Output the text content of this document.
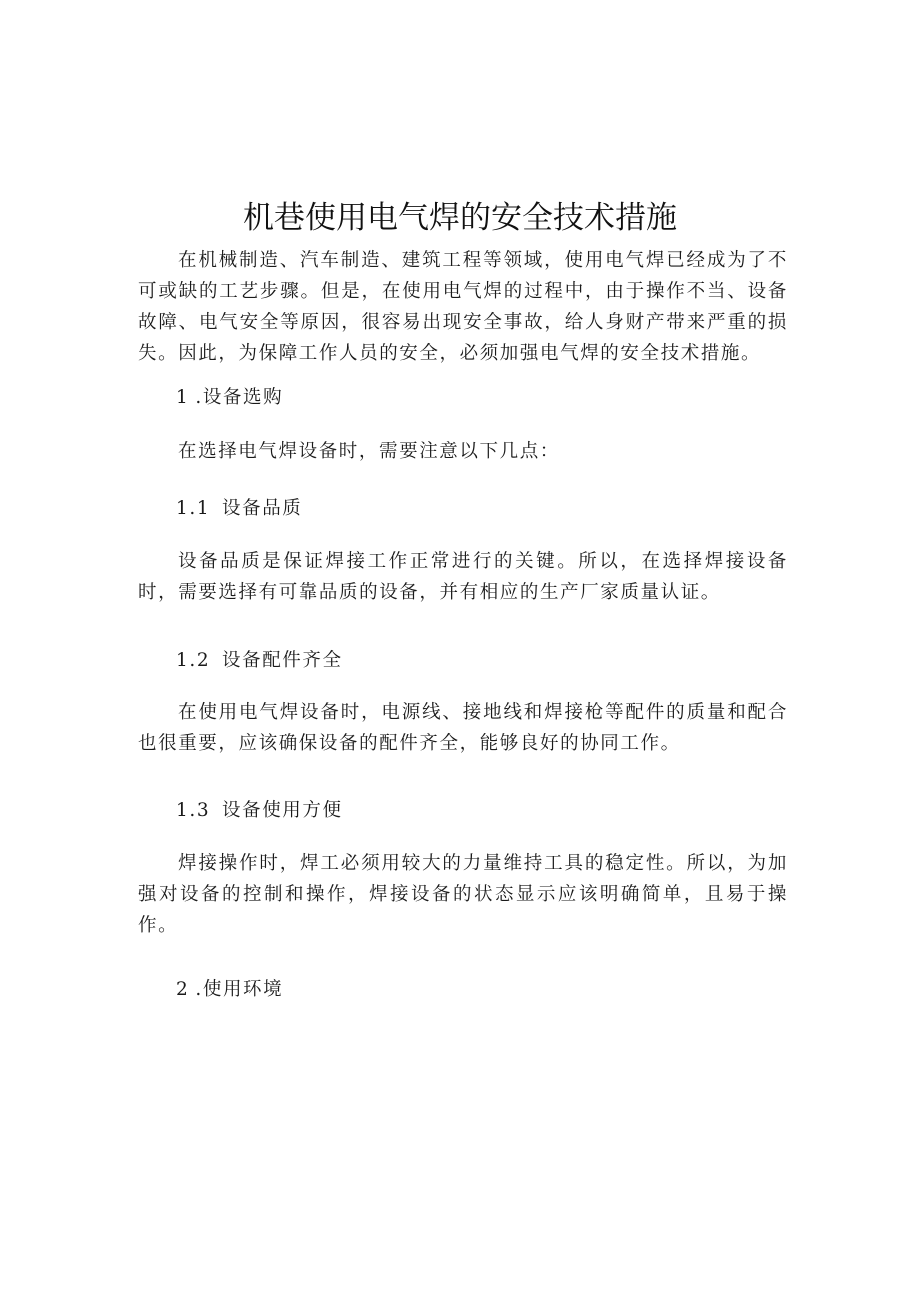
机巷使用电气焊的安全技术措施

在机械制造、汽车制造、建筑工程等领域，使用电气焊已经成为了不可或缺的工艺步骤。但是，在使用电气焊的过程中，由于操作不当、设备故障、电气安全等原因，很容易出现安全事故，给人身财产带来严重的损失。因此，为保障工作人员的安全，必须加强电气焊的安全技术措施。

1 .设备选购

在选择电气焊设备时，需要注意以下几点：

1.1 设备品质

设备品质是保证焊接工作正常进行的关键。所以，在选择焊接设备时，需要选择有可靠品质的设备，并有相应的生产厂家质量认证。

1.2 设备配件齐全

在使用电气焊设备时，电源线、接地线和焊接枪等配件的质量和配合也很重要，应该确保设备的配件齐全，能够良好的协同工作。

1.3 设备使用方便

焊接操作时，焊工必须用较大的力量维持工具的稳定性。所以，为加强对设备的控制和操作，焊接设备的状态显示应该明确简单，且易于操作。

2 .使用环境
